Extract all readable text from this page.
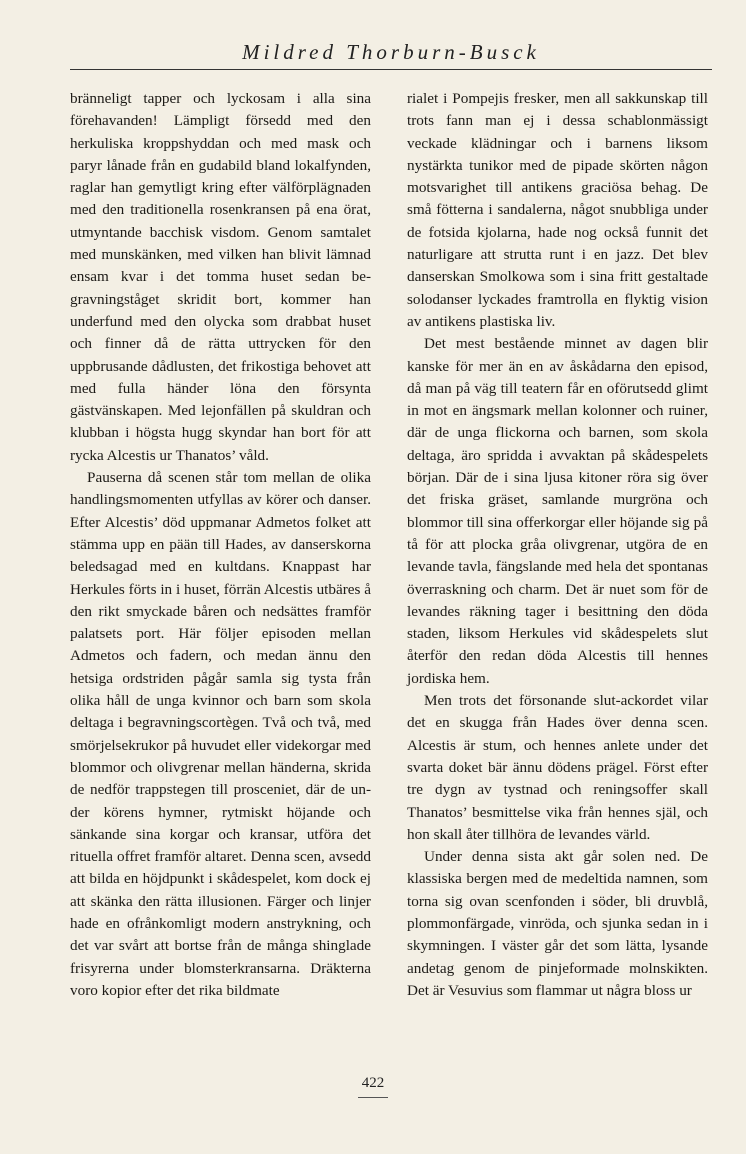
Mildred Thorburn-Busck

bränneligt tapper och lyckosam i alla sina förehavanden! Lämpligt försedd med den herkuliska kroppshyddan och med mask och paryr lånade från en gudabild bland lokalfynden, raglar han gemytligt kring efter välförplägnaden med den traditionella rosenkransen på ena örat, utmyntande bacchisk visdom. Genom samtalet med munskänken, med vilken han blivit lämnad ensam kvar i det tomma huset sedan begravningståget skridit bort, kommer han underfund med den olycka som drabbat huset och finner då de rätta uttrycken för den uppbrusande dådlusten, det frikostiga behovet att med fulla händer löna den försynta gästvänskapen. Med lejonfällen på skuldran och klubban i högsta hugg skyndar han bort för att rycka Alcestis ur Thanatos’ våld.

Pauserna då scenen står tom mellan de olika handlingsmomenten utfyllas av körer och danser. Efter Alcestis’ död uppmanar Admetos folket att stämma upp en pään till Hades, av danserskorna beledsagad med en kultdans. Knappast har Herkules förts in i huset, förrän Alcestis utbäres å den rikt smyckade båren och nedsättes framför palatsets port. Här följer episoden mellan Admetos och fadern, och medan ännu den hetsiga ordstriden pågår samla sig tysta från olika håll de unga kvinnor och barn som skola deltaga i begravningscortègen. Två och två, med smörjelsekrukor på huvudet eller videkorgar med blommor och olivgrenar mellan händerna, skrida de nedför trappstegen till prosceniet, där de under körens hymner, rytmiskt höjande och sänkande sina korgar och kransar, utföra det rituella offret framför altaret. Denna scen, avsedd att bilda en höjdpunkt i skådespelet, kom dock ej att skänka den rätta illusionen. Färger och linjer hade en ofrånkomligt modern anstrykning, och det var svårt att bortse från de många shinglade frisyrerna under blomsterkransarna. Dräkterna voro kopior efter det rika bildmate

rialet i Pompejis fresker, men all sakkunskap till trots fann man ej i dessa schablonmässigt veckade klädningar och i barnens liksom nystärkta tunikor med de pipade skörten någon motsvarighet till antikens graciösa behag. De små fötterna i sandalerna, något snubbliga under de fotsida kjolarna, hade nog också funnit det naturligare att strutta runt i en jazz. Det blev danserskan Smolkowa som i sina fritt gestaltade solodanser lyckades framtrolla en flyktig vision av antikens plastiska liv.

Det mest bestående minnet av dagen blir kanske för mer än en av åskådarna den episod, då man på väg till teatern får en oförutsedd glimt in mot en ängsmark mellan kolonner och ruiner, där de unga flickorna och barnen, som skola deltaga, äro spridda i avvaktan på skådespelets början. Där de i sina ljusa kitoner röra sig över det friska gräset, samlande murgröna och blommor till sina offerkorgar eller höjande sig på tå för att plocka gråa olivgrenar, utgöra de en levande tavla, fängslande med hela det spontanas överraskning och charm. Det är nuet som för de levandes räkning tager i besittning den döda staden, liksom Herkules vid skådespelets slut återför den redan döda Alcestis till hennes jordiska hem.

Men trots det försonande slut-ackordet vilar det en skugga från Hades över denna scen. Alcestis är stum, och hennes anlete under det svarta doket bär ännu dödens prägel. Först efter tre dygn av tystnad och reningsoffer skall Thanatos’ besmittelse vika från hennes själ, och hon skall åter tillhöra de levandes värld.

Under denna sista akt går solen ned. De klassiska bergen med de medeltida namnen, som torna sig ovan scenfonden i söder, bli druvblå, plommonfärgade, vinröda, och sjunka sedan in i skymningen. I väster går det som lätta, lysande andetag genom de pinjeformade molnskikten. Det är Vesuvius som flammar ut några bloss ur

422
